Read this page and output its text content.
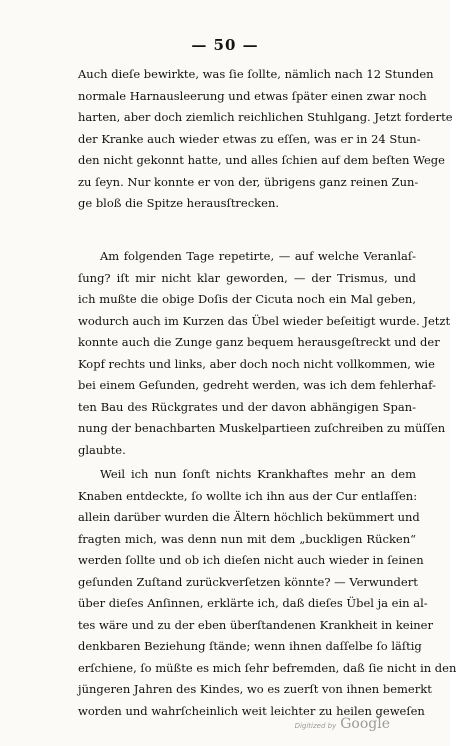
— 50 —
Auch dieſe bewirkte, was ſie ſollte, nämlich nach 12 Stunden
normale Harnausleerung und etwas ſpäter einen zwar noch
harten, aber doch ziemlich reichlichen Stuhlgang. Jetzt forderte
der Kranke auch wieder etwas zu eſſen, was er in 24 Stun-
den nicht gekonnt hatte, und alles ſchien auf dem beſten Wege
zu ſeyn. Nur konnte er von der, übrigens ganz reinen Zun-
ge bloß die Spitze herausſtrecken.
Am folgenden Tage repetirte, — auf welche Veranlaſ-
ſung? iſt mir nicht klar geworden, — der Trismus, und
ich mußte die obige Doſis der Cicuta noch ein Mal geben,
wodurch auch im Kurzen das Übel wieder beſeitigt wurde. Jetzt
konnte auch die Zunge ganz bequem herausgeſtreckt und der
Kopf rechts und links, aber doch noch nicht vollkommen, wie
bei einem Geſunden, gedreht werden, was ich dem fehlerhaf-
ten Bau des Rückgrates und der davon abhängigen Span-
nung der benachbarten Muskelpartieen zuſchreiben zu müſſen
glaubte.
Weil ich nun ſonſt nichts Krankhaftes mehr an dem
Knaben entdeckte, ſo wollte ich ihn aus der Cur entlaſſen:
allein darüber wurden die Ältern höchlich bekümmert und
fragten mich, was denn nun mit dem „buckligen Rücken“
werden ſollte und ob ich dieſen nicht auch wieder in ſeinen
geſunden Zuſtand zurückverſetzen könnte? — Verwundert
über dieſes Anſinnen, erklärte ich, daß dieſes Übel ja ein al-
tes wäre und zu der eben überſtandenen Krankheit in keiner
denkbaren Beziehung ſtände; wenn ihnen daſſelbe ſo läſtig
erſchiene, ſo müßte es mich ſehr befremden, daß ſie nicht in den
jüngeren Jahren des Kindes, wo es zuerſt von ihnen bemerkt
worden und wahrſcheinlich weit leichter zu heilen geweſen
Digitized by Google
